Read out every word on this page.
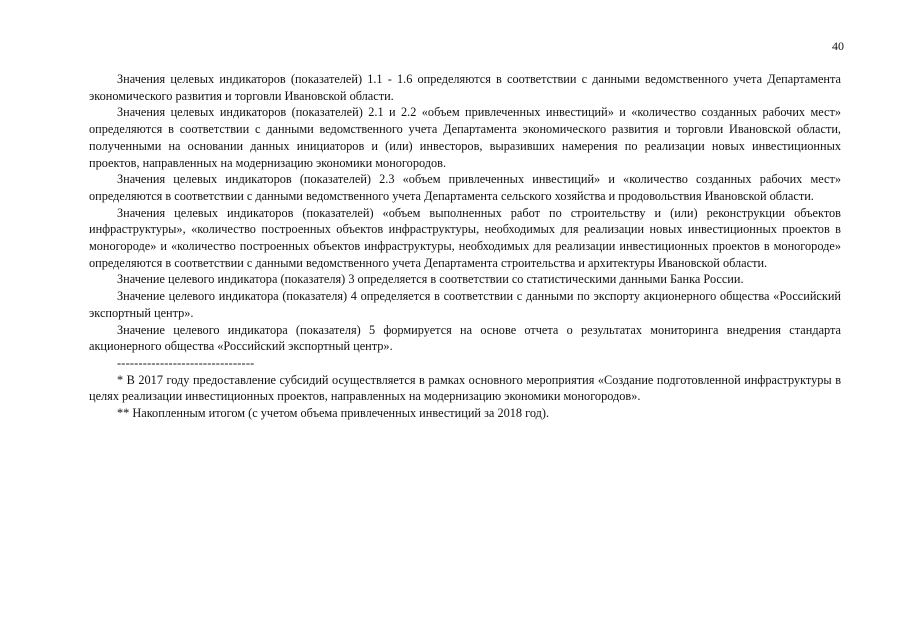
40

Значения целевых индикаторов (показателей) 1.1 - 1.6 определяются в соответствии с данными ведомственного учета Департамента экономического развития и торговли Ивановской области.

Значения целевых индикаторов (показателей) 2.1 и 2.2 «объем привлеченных инвестиций» и «количество созданных рабочих мест» определяются в соответствии с данными ведомственного учета Департамента экономического развития и торговли Ивановской области, полученными на основании данных инициаторов и (или) инвесторов, выразивших намерения по реализации новых инвестиционных проектов, направленных на модернизацию экономики моногородов.

Значения целевых индикаторов (показателей) 2.3 «объем привлеченных инвестиций» и «количество созданных рабочих мест» определяются в соответствии с данными ведомственного учета Департамента сельского хозяйства и продовольствия Ивановской области.

Значения целевых индикаторов (показателей) «объем выполненных работ по строительству и (или) реконструкции объектов инфраструктуры», «количество построенных объектов инфраструктуры, необходимых для реализации новых инвестиционных проектов в моногороде» и «количество построенных объектов инфраструктуры, необходимых для реализации инвестиционных проектов в моногороде» определяются в соответствии с данными ведомственного учета Департамента строительства и архитектуры Ивановской области.

Значение целевого индикатора (показателя) 3 определяется в соответствии со статистическими данными Банка России.

Значение целевого индикатора (показателя) 4 определяется в соответствии с данными по экспорту акционерного общества «Российский экспортный центр».

Значение целевого индикатора (показателя) 5 формируется на основе отчета о результатах мониторинга внедрения стандарта акционерного общества «Российский экспортный центр».

--------------------------------

* В 2017 году предоставление субсидий осуществляется в рамках основного мероприятия «Создание подготовленной инфраструктуры в целях реализации инвестиционных проектов, направленных на модернизацию экономики моногородов».

** Накопленным итогом (с учетом объема привлеченных инвестиций за 2018 год).
